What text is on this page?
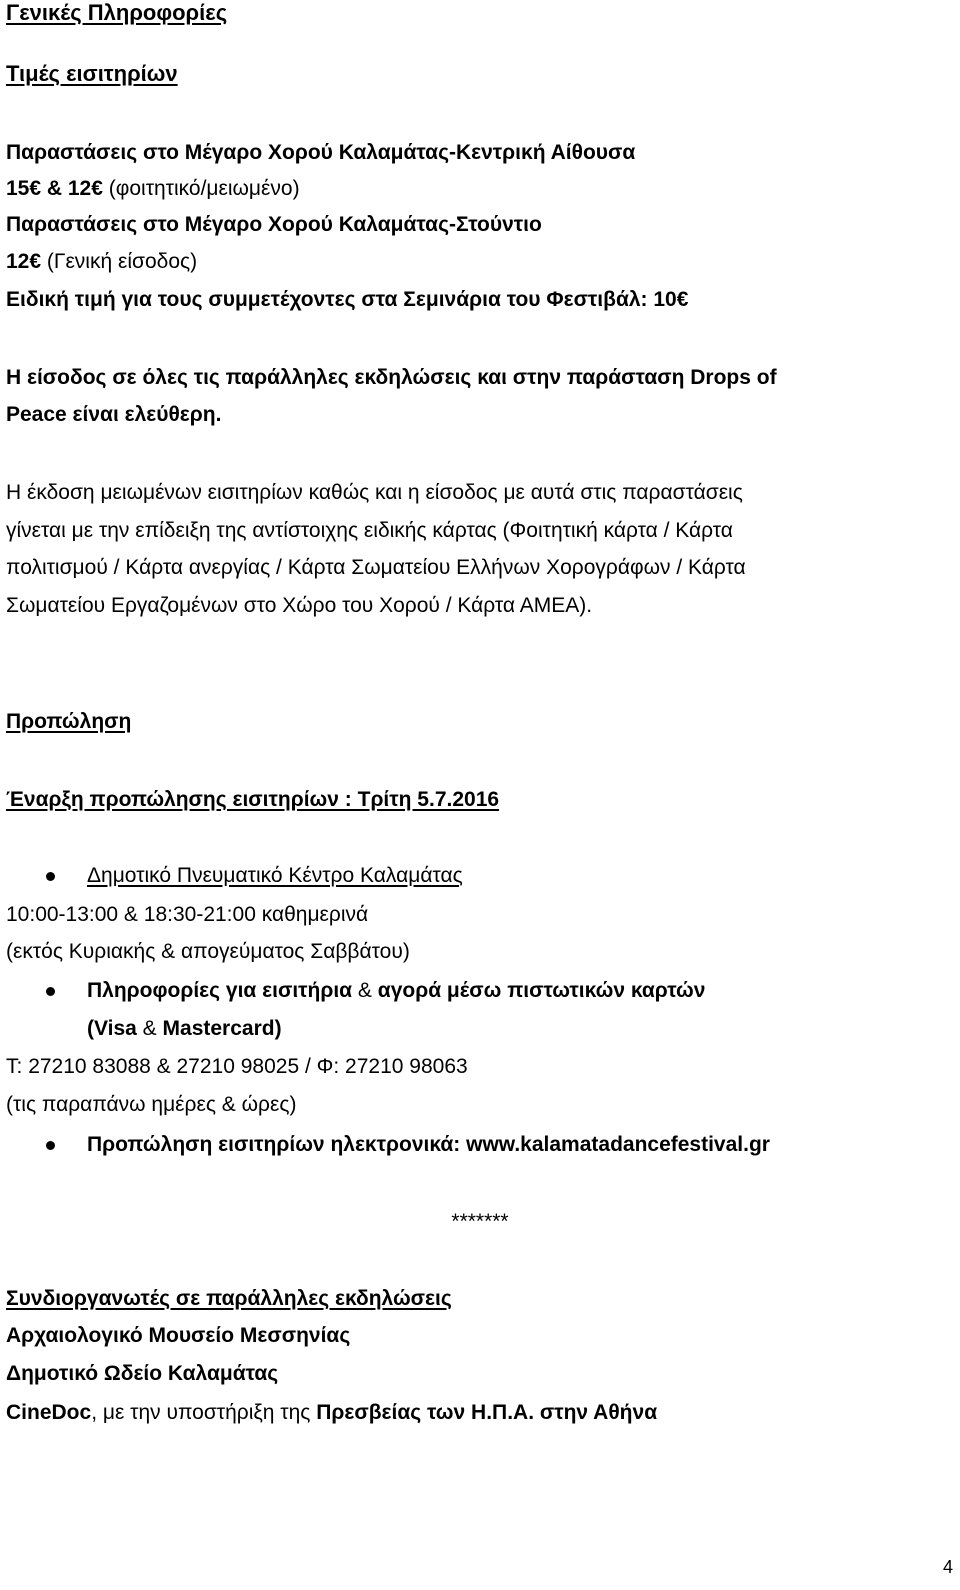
Γενικές Πληροφορίες
Τιμές εισιτηρίων
Παραστάσεις στο Μέγαρο Χορού Καλαμάτας-Κεντρική Αίθουσα
15€ & 12€ (φοιτητικό/μειωμένο)
Παραστάσεις στο Μέγαρο Χορού Καλαμάτας-Στούντιο
12€ (Γενική είσοδος)
Ειδική τιμή για τους συμμετέχοντες στα Σεμινάρια του Φεστιβάλ: 10€
Η είσοδος σε όλες τις παράλληλες εκδηλώσεις και στην παράσταση Drops of
Peace είναι ελεύθερη.
Η έκδοση μειωμένων εισιτηρίων καθώς και η είσοδος με αυτά στις παραστάσεις
γίνεται με την επίδειξη της αντίστοιχης ειδικής κάρτας (Φοιτητική κάρτα / Κάρτα
πολιτισμού / Κάρτα ανεργίας / Κάρτα Σωματείου Ελλήνων Χορογράφων / Κάρτα
Σωματείου Εργαζομένων στο Χώρο του Χορού / Κάρτα ΑΜΕΑ).
Προπώληση
Έναρξη προπώλησης εισιτηρίων : Τρίτη 5.7.2016
Δημοτικό Πνευματικό Κέντρο Καλαμάτας
10:00-13:00 & 18:30-21:00 καθημερινά
(εκτός Κυριακής & απογεύματος Σαββάτου)
Πληροφορίες για εισιτήρια & αγορά μέσω πιστωτικών καρτών
(Visa & Mastercard)
Τ: 27210 83088 & 27210 98025 / Φ: 27210 98063
(τις παραπάνω ημέρες & ώρες)
Προπώληση εισιτηρίων ηλεκτρονικά: www.kalamatadancefestival.gr
*******
Συνδιοργανωτές σε παράλληλες εκδηλώσεις
Αρχαιολογικό Μουσείο Μεσσηνίας
Δημοτικό Ωδείο Καλαμάτας
CineDoc, με την υποστήριξη της Πρεσβείας των Η.Π.Α. στην Αθήνα
4
